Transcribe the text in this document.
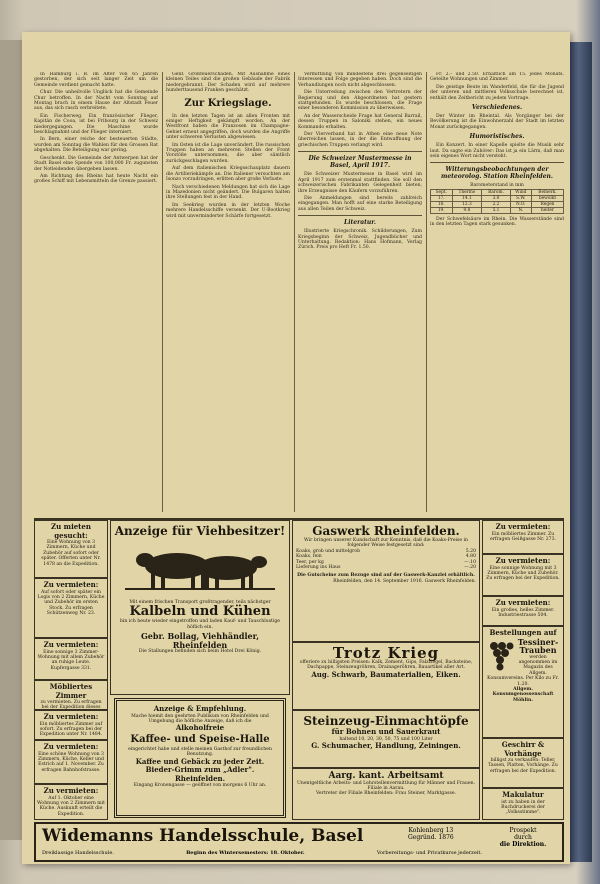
In Hamburg i. B. im Alter von 65 Jahren gestorben, der sich seit langer Zeit um die Gemeinde verdient gemacht hatte.

Chur. Die unheilvolle Unglück hat die Gemeinde Chur betroffen. In der Nacht vom Sonntag auf Montag brach in einem Hause der Altstadt Feuer aus, das sich rasch verbreitete.

Ein Fischerweg. Ein französischer Flieger, Kapitän de Cooa, ist bei Fribourg in der Schweiz niedergegangen. Die Maschine wurde beschlagnahmt und der Flieger interniert.

In Bern, einer reiche der besteuerten Städte, wurden am Sonntag die Wahlen für den Grossen Rat abgehalten. Die Beteiligung war gering.

Geschenkt. Die Gemeinde der Antwerpen hat der Stadt Basel eine Spende von 100,000 Fr. zugunsten der Notleidenden übergeben lassen.

Am Richtung des Rheins hat heute Nacht ein großes Schiff mit Lebensmitteln die Grenze passiert.

Genf. Großfeuerschaden. Mit Ausnahme eines kleinen Teiles sind die großen Gebäude der Fabrik niedergebrannt. Der Schaden wird auf mehrere hunderttausend Franken geschätzt.

Zur Kriegslage.

In den letzten Tagen ist an allen Fronten mit einiger Heftigkeit gekämpft worden. An der Westfront haben die Franzosen im Champagne-Gebiet erneut angegriffen, doch wurden die Angriffe unter schweren Verlusten abgewiesen.

Im Osten ist die Lage unverändert. Die russischen Truppen haben an mehreren Stellen der Front Vorstöße unternommen, die aber sämtlich zurückgeschlagen wurden.

Auf dem italienischen Kriegsschauplatz dauern die Artilleriekämpfe an. Die Italiener versuchten am Isonzo vorzudringen, erlitten aber große Verluste.

Nach verschiedenen Meldungen hat sich die Lage in Mazedonien nicht geändert. Die Bulgaren halten ihre Stellungen fest in der Hand.

Im Seekrieg wurden in der letzten Woche mehrere Handelsschiffe versenkt. Der U-Bootkrieg wird mit unverminderter Schärfe fortgesetzt.

Vermittlung von mindestens drei gegenseitigen Interessen und Folge gegeben haben. Doch sind die Verhandlungen noch nicht abgeschlossen.

Die Unterredung zwischen den Vertretern der Regierung und den Abgeordneten hat gestern stattgefunden. Es wurde beschlossen, die Frage einer besonderen Kommission zu überweisen.

An der Wasserscheide Frage hat General Barrail, dessen Truppen in Saloniki stehen, ein neues Kommando erhalten.

Der Vierverband hat in Athen eine neue Note überreichen lassen, in der die Entwaffnung der griechischen Truppen verlangt wird.

Die Schweizer Mustermesse in Basel, April 1917.

Die Schweizer Mustermesse in Basel wird im April 1917 zum erstenmal stattfinden. Sie soll den schweizerischen Fabrikanten Gelegenheit bieten, ihre Erzeugnisse den Käufern vorzuführen.

Die Anmeldungen sind bereits zahlreich eingegangen. Man hofft auf eine starke Beteiligung aus allen Teilen der Schweiz.

Literatur.

Illustrierte Kriegschronik. Schilderungen, Zum Kriegsbeginn der Schweiz, Jugendbücher und Unterhaltung. Redaktion: Hans Hofmann, Verlag Zürich. Preis pro Heft Fr. 1.50.

Fr. 2.– und 2.50. Erhältlich am 15. jedes Monats. Geteilte Wohnungen und Zimmer.

Die geistige Beute im Wanderfeld, die für die Jugend der unteren und mittleren Volksschule berechnet ist, enthält den Zeitbericht zu jedem Vortrage.

Verschiedenes.

Der Winter im Rheintal. Als Vorgänger bei der Bevölkerung ist die Einwohnerzahl der Stadt im letzten Monat zurückgegangen.

Humoristisches.

Ein Konzert. In einer Kapelle spielte die Musik sehr laut. Da sagte ein Zuhörer: Das ist ja ein Lärm, daß man sein eigenes Wort nicht versteht.

Witterungsbeobachtungen der meteorolog. Station Rheinfelden.
Barometerstand in mm
Sept.	Thermo	Barom.	Wind	Bemerk.
17.	14.1	3.0	S.W.	bewölkt
18.	12.3	2.2	N.O.	Regen
19.	9.8	5.1	N.	heiter

Der Schwefelsäure im Rhein. Die Wasserstände sind in den letzten Tagen stark gesunken.

Zu mieten gesucht:
Eine Wohnung von 3 Zimmern, Küche und Zubehör auf sofort oder später. Offerten unter Nr. 1478 an die Expedition.
Zu vermieten:
Auf sofort oder später ein Logis von 2 Zimmern, Küche und Zubehör im ersten Stock. Zu erfragen Schützenweg Nr. 23.
Zu vermieten:
Eine sonnige 3 Zimmer-Wohnung mit allem Zubehör an ruhige Leute. Kupfergasse 331.
Möbliertes Zimmer
zu vermieten. Zu erfragen bei der Expedition dieses
Zu vermieten:
Ein möbliertes Zimmer auf sofort. Zu erfragen bei der Expedition unter Nr. 1484.
Zu vermieten:
Eine schöne Wohnung von 3 Zimmern, Küche, Keller und Estrich auf 1. November. Zu erfragen Bahnhofstrasse.
Zu vermieten:
Auf 1. Oktober eine Wohnung von 2 Zimmern mit Küche. Auskunft erteilt die Expedition.
Anzeige für Viehbesitzer!
Mit einem frischen Transport großtragender, teils nächstger
Kalbeln und Kühen
bin ich heute wieder eingetroffen und laden Kauf- und Tauschlustige höflich ein.
Gebr. Bollag, Viehhändler, Rheinfelden
Die Stallungen befinden sich beim Hotel Drei König.
Anzeige & Empfehlung.
Mache hiemit den geehrten Publikum von Rheinfelden und Umgebung die höfliche Anzeige, daß ich die
Alkoholfreie
Kaffee- und Speise-Halle
eingerichtet habe und stelle meinen Gasthof zur freundlichen Benutzung.
Kaffee und Gebäck zu jeder Zeit.
Bieder-Grimm zum „Adler".
Rheinfelden.
Eingang Kronengasse — geöffnet von morgens 6 Uhr an.
Gaswerk Rheinfelden.
Wir bringen unserer Kundschaft zur Kenntnis, daß die Koaks-Preise in folgender Weise festgesetzt sind:
Koaks, grob und mittelgrob	5.20
Koaks, fein	4.80
Teer, per kg	—.10
Lieferung ins Haus	—.20
Die Gutscheine zum Bezuge sind auf der Gaswerk-Kanzlei erhältlich.
Rheinfelden, den 14. September 1916. Gaswerk Rheinfelden.
Trotz Krieg
offeriere zu billigsten Preisen: Kalk, Zement, Gips, Falzziegel, Backsteine, Dachpappe, Steinzeugröhren, Drainageröhren, Bauartikel aller Art.
Aug. Schwarb, Baumaterialien, Eiken.
Steinzeug-Einmachtöpfe
für Bohnen und Sauerkraut
haltend 10, 20, 30, 50, 75 und 100 Liter
G. Schumacher, Handlung, Zeiningen.
Aarg. kant. Arbeitsamt
Unentgeltliche Arbeits- und Lehrstellenvermittlung für Männer und Frauen. Filiale in Aarau.
Vertreter der Filiale Rheinfelden: Frau Steiner, Marktgasse.
Zu vermieten:
Ein möbliertes Zimmer. Zu erfragen Geißgasse Nr. 273.
Zu vermieten:
Eine sonnige Wohnung mit 3 Zimmern, Küche und Zubehör. Zu erfragen bei der Expedition.
Zu vermieten:
Ein großes, helles Zimmer. Industriestrasse 504.
Bestellungen auf
Tessiner-Trauben
werden angenommen im Magazin des Allgem. Konsumvereins. Per Kilo zu Fr. 1.20.
Allgem. Konsumgenossenschaft Möhlin.
Geschirr & Vorhänge
billigst zu verkaufen: Teller, Tassen, Platten, Vorhänge. Zu erfragen bei der Expedition.
Makulatur
ist zu haben in der Buchdruckerei der „Volksstimme".
Widemanns Handelsschule, Basel	Kohlenberg 13
Gegründ. 1876
Prospekt
durch
die Direktion.
Dreiklassige Handelsschule.	Beginn des Wintersemesters: 18. Oktober.	Vorbereitungs- und Privatkurse jederzeit.
